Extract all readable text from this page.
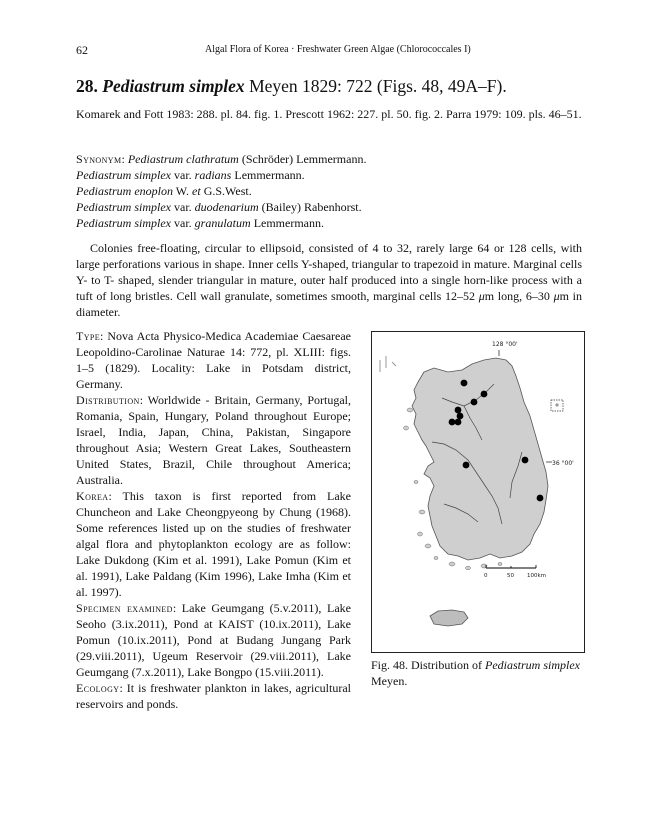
62	Algal Flora of Korea · Freshwater Green Algae (Chlorococcales I)
28. Pediastrum simplex Meyen 1829: 722 (Figs. 48, 49A–F).
Komarek and Fott 1983: 288. pl. 84. fig. 1. Prescott 1962: 227. pl. 50. fig. 2. Parra 1979: 109. pls. 46–51.
Synonym: Pediastrum clathratum (Schröder) Lemmermann.
Pediastrum simplex var. radians Lemmermann.
Pediastrum enoplon W. et G.S.West.
Pediastrum simplex var. duodenarium (Bailey) Rabenhorst.
Pediastrum simplex var. granulatum Lemmermann.
Colonies free-floating, circular to ellipsoid, consisted of 4 to 32, rarely large 64 or 128 cells, with large perforations various in shape. Inner cells Y-shaped, triangular to trapezoid in mature. Marginal cells Y- to T- shaped, slender triangular in mature, outer half produced into a single horn-like process with a tuft of long bristles. Cell wall granulate, sometimes smooth, marginal cells 12–52 μm long, 6–30 μm in diameter.

Type: Nova Acta Physico-Medica Academiae Caesareae Leopoldino-Carolinae Naturae 14: 772, pl. XLIII: figs. 1–5 (1829). Locality: Lake in Potsdam district, Germany.

Distribution: Worldwide - Britain, Germany, Portugal, Romania, Spain, Hungary, Poland throughout Europe; Israel, India, Japan, China, Pakistan, Singapore throughout Asia; Western Great Lakes, Southeastern United States, Brazil, Chile throughout America; Australia.

Korea: This taxon is first reported from Lake Chuncheon and Lake Cheongpyeong by Chung (1968). Some references listed up on the studies of freshwater algal flora and phytoplankton ecology are as follow: Lake Dukdong (Kim et al. 1991), Lake Pomun (Kim et al. 1991), Lake Paldang (Kim 1996), Lake Imha (Kim et al. 1997).

Specimen examined: Lake Geumgang (5.v.2011), Lake Seoho (3.ix.2011), Pond at KAIST (10.ix.2011), Lake Pomun (10.ix.2011), Pond at Budang Jungang Park (29.viii.2011), Ugeum Reservoir (29.viii.2011), Lake Geumgang (7.x.2011), Lake Bongpo (15.viii.2011).

Ecology: It is freshwater plankton in lakes, agricultural reservoirs and ponds.

128 °00'
36 °00'
0	50 100km
Fig. 48. Distribution of Pediastrum simplex Meyen.
